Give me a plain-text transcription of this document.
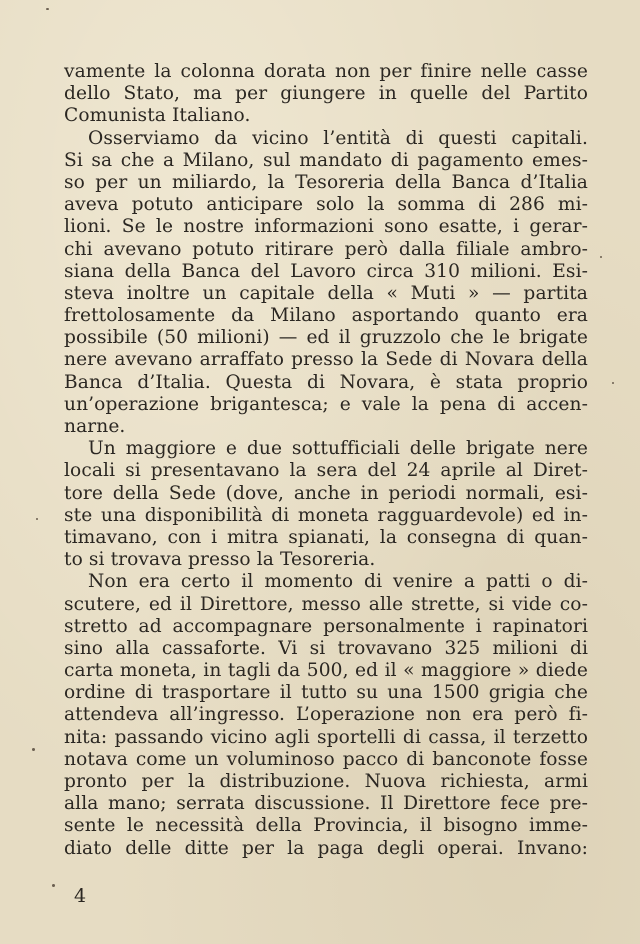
vamente la colonna dorata non per finire nelle casse
dello Stato, ma per giungere in quelle del Partito
Comunista Italiano.
Osserviamo da vicino l’entità di questi capitali.
Si sa che a Milano, sul mandato di pagamento emes-
so per un miliardo, la Tesoreria della Banca d’Italia
aveva potuto anticipare solo la somma di 286 mi-
lioni. Se le nostre informazioni sono esatte, i gerar-
chi avevano potuto ritirare però dalla filiale ambro-
siana della Banca del Lavoro circa 310 milioni. Esi-
steva inoltre un capitale della « Muti » — partita
frettolosamente da Milano asportando quanto era
possibile (50 milioni) — ed il gruzzolo che le brigate
nere avevano arraffato presso la Sede di Novara della
Banca d’Italia. Questa di Novara, è stata proprio
un’operazione brigantesca; e vale la pena di accen-
narne.
Un maggiore e due sottufficiali delle brigate nere
locali si presentavano la sera del 24 aprile al Diret-
tore della Sede (dove, anche in periodi normali, esi-
ste una disponibilità di moneta ragguardevole) ed in-
timavano, con i mitra spianati, la consegna di quan-
to si trovava presso la Tesoreria.
Non era certo il momento di venire a patti o di-
scutere, ed il Direttore, messo alle strette, si vide co-
stretto ad accompagnare personalmente i rapinatori
sino alla cassaforte. Vi si trovavano 325 milioni di
carta moneta, in tagli da 500, ed il « maggiore » diede
ordine di trasportare il tutto su una 1500 grigia che
attendeva all’ingresso. L’operazione non era però fi-
nita: passando vicino agli sportelli di cassa, il terzetto
notava come un voluminoso pacco di banconote fosse
pronto per la distribuzione. Nuova richiesta, armi
alla mano; serrata discussione. Il Direttore fece pre-
sente le necessità della Provincia, il bisogno imme-
diato delle ditte per la paga degli operai. Invano:
4
